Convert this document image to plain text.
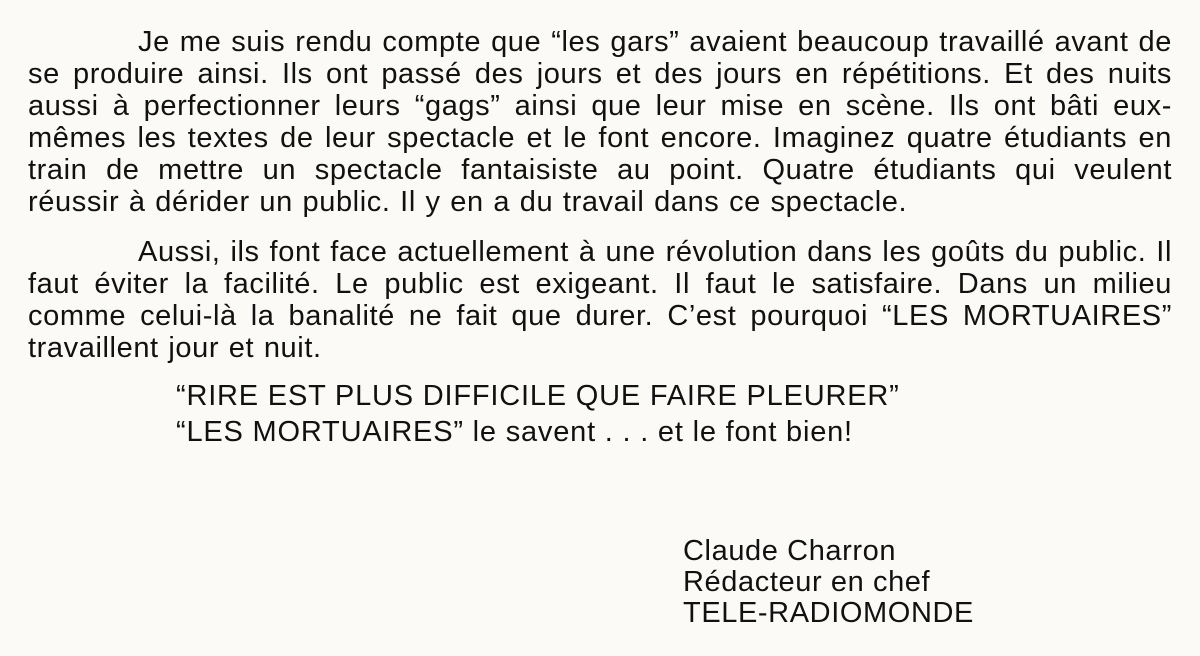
Je me suis rendu compte que “les gars” avaient beaucoup travaillé avant de se produire ainsi. Ils ont passé des jours et des jours en répétitions. Et des nuits aussi à perfectionner leurs “gags” ainsi que leur mise en scène. Ils ont bâti eux-mêmes les textes de leur spectacle et le font encore. Imaginez quatre étudiants en train de mettre un spectacle fantaisiste au point. Quatre étudiants qui veulent réussir à dérider un public. Il y en a du travail dans ce spectacle.

Aussi, ils font face actuellement à une révolution dans les goûts du public. Il faut éviter la facilité. Le public est exigeant. Il faut le satisfaire. Dans un milieu comme celui-là la banalité ne fait que durer. C’est pourquoi “LES MORTUAIRES” travaillent jour et nuit.

“RIRE EST PLUS DIFFICILE QUE FAIRE PLEURER”
“LES MORTUAIRES” le savent . . . et le font bien!
Claude Charron
Rédacteur en chef
TELE-RADIOMONDE
